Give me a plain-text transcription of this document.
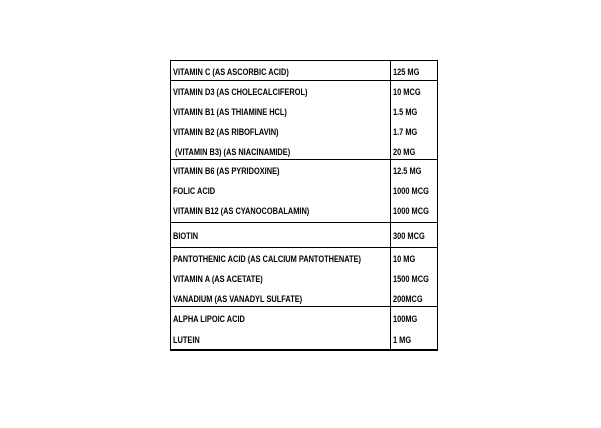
VITAMIN C (AS ASCORBIC ACID)	125 MG
VITAMIN D3 (AS CHOLECALCIFEROL)
VITAMIN B1 (AS THIAMINE HCL)
VITAMIN B2 (AS RIBOFLAVIN)
(VITAMIN B3) (AS NIACINAMIDE)
10 MCG
1.5 MG
1.7 MG
20 MG
VITAMIN B6 (AS PYRIDOXINE)
FOLIC ACID
VITAMIN B12 (AS CYANOCOBALAMIN)
12.5 MG
1000 MCG
1000 MCG
BIOTIN	300 MCG
PANTOTHENIC ACID (AS CALCIUM PANTOTHENATE)
VITAMIN A (AS ACETATE)
VANADIUM (AS VANADYL SULFATE)
10 MG
1500 MCG
200MCG
ALPHA LIPOIC ACID
LUTEIN
100MG
1 MG
